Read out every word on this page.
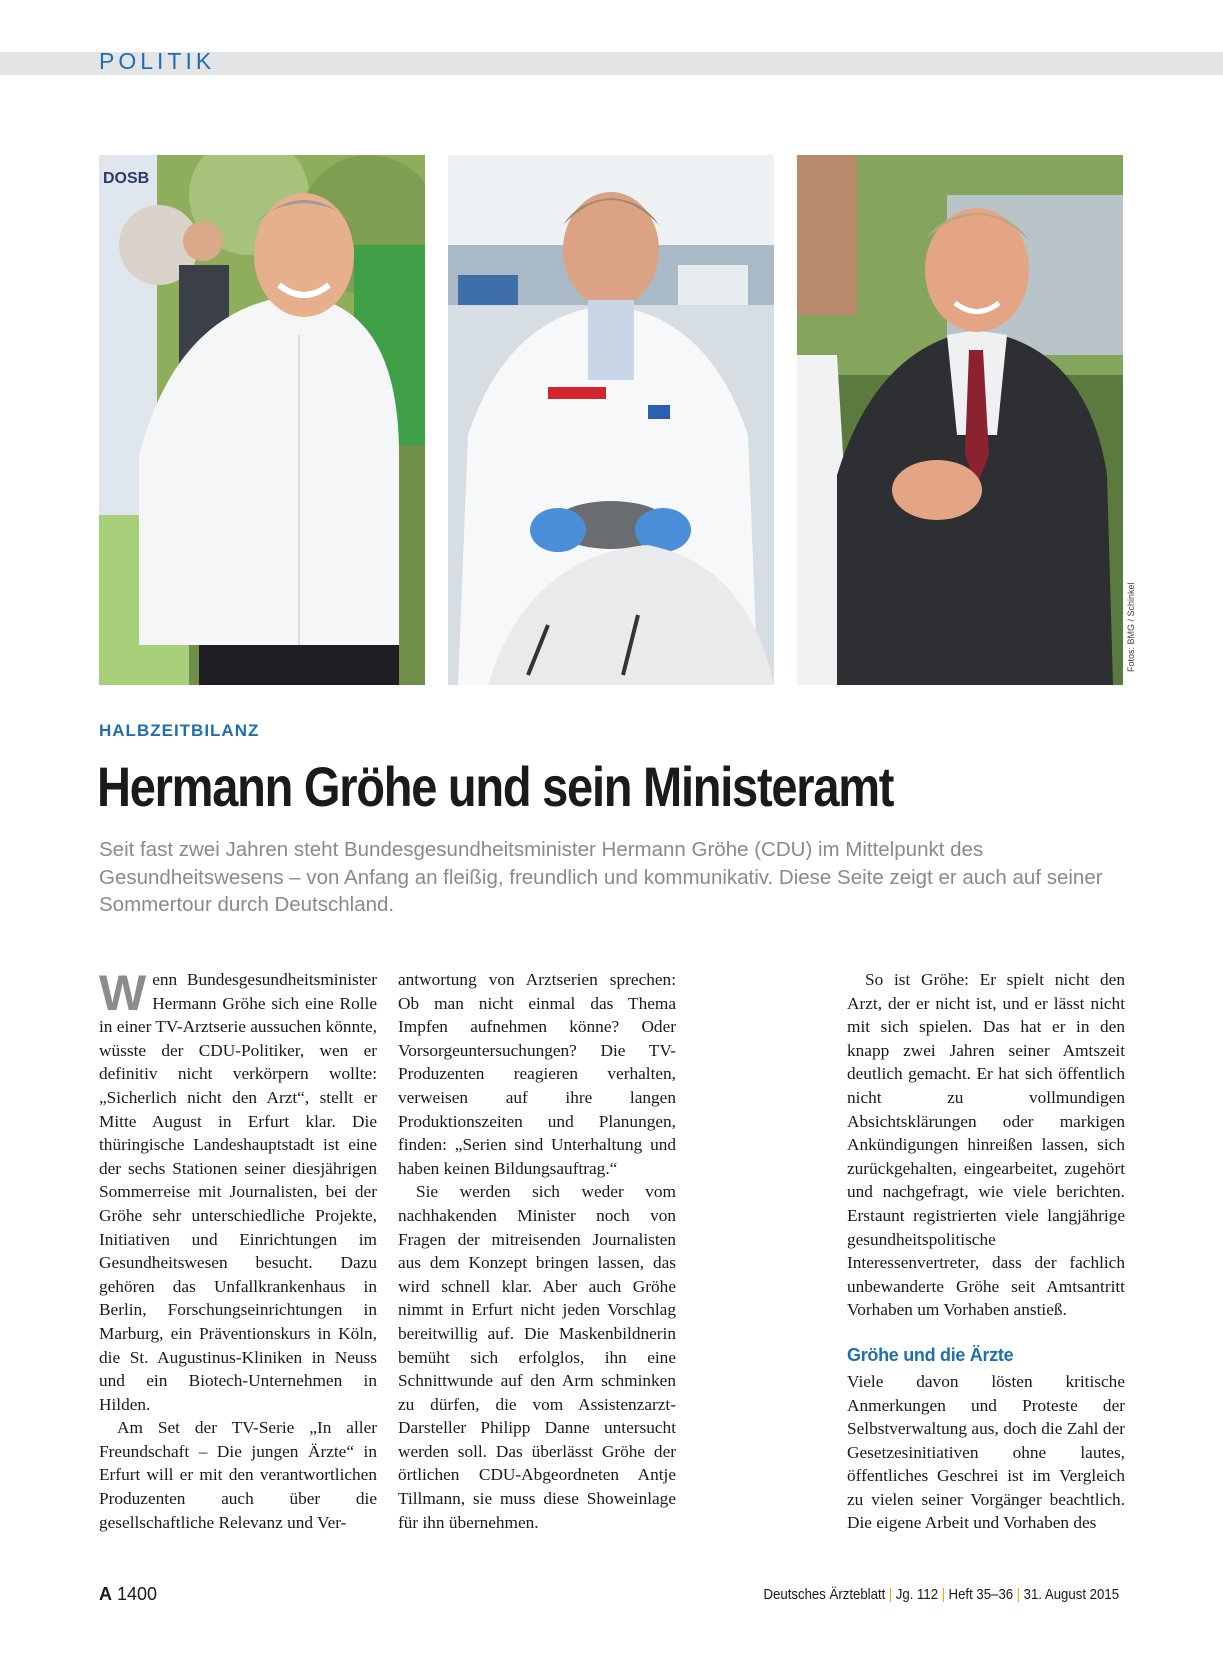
POLITIK
DOSB
Fotos: BMG / Schinkel
HALBZEITBILANZ
Hermann Gröhe und sein Ministeramt
Seit fast zwei Jahren steht Bundesgesundheitsminister Hermann Gröhe (CDU) im Mittelpunkt des Gesundheitswesens – von Anfang an fleißig, freundlich und kommunikativ. Diese Seite zeigt er auch auf seiner Sommertour durch Deutschland.

Wenn Bundesgesundheitsminister Hermann Gröhe sich eine Rolle in einer TV-Arztserie aussuchen könnte, wüsste der CDU-Politiker, wen er definitiv nicht verkörpern wollte: „Sicherlich nicht den Arzt“, stellt er Mitte August in Erfurt klar. Die thüringische Landeshauptstadt ist eine der sechs Stationen seiner diesjährigen Sommerreise mit Journalisten, bei der Gröhe sehr unterschiedliche Projekte, Initiativen und Einrichtungen im Gesundheitswesen besucht. Dazu gehören das Unfallkrankenhaus in Berlin, Forschungseinrichtungen in Marburg, ein Präventionskurs in Köln, die St. Augustinus-Kliniken in Neuss und ein Biotech-Unternehmen in Hilden.

Am Set der TV-Serie „In aller Freundschaft – Die jungen Ärzte“ in Erfurt will er mit den verantwortlichen Produzenten auch über die gesellschaftliche Relevanz und Ver-

antwortung von Arztserien sprechen: Ob man nicht einmal das Thema Impfen aufnehmen könne? Oder Vorsorgeuntersuchungen? Die TV-Produzenten reagieren verhalten, verweisen auf ihre langen Produktionszeiten und Planungen, finden: „Serien sind Unterhaltung und haben keinen Bildungsauftrag.“

Sie werden sich weder vom nachhakenden Minister noch von Fragen der mitreisenden Journalisten aus dem Konzept bringen lassen, das wird schnell klar. Aber auch Gröhe nimmt in Erfurt nicht jeden Vorschlag bereitwillig auf. Die Maskenbildnerin bemüht sich erfolglos, ihn eine Schnittwunde auf den Arm schminken zu dürfen, die vom Assistenzarzt-Darsteller Philipp Danne untersucht werden soll. Das überlässt Gröhe der örtlichen CDU-Abgeordneten Antje Tillmann, sie muss diese Showeinlage für ihn übernehmen.

So ist Gröhe: Er spielt nicht den Arzt, der er nicht ist, und er lässt nicht mit sich spielen. Das hat er in den knapp zwei Jahren seiner Amtszeit deutlich gemacht. Er hat sich öffentlich nicht zu vollmundigen Absichtsklärungen oder markigen Ankündigungen hinreißen lassen, sich zurückgehalten, eingearbeitet, zugehört und nachgefragt, wie viele berichten. Erstaunt registrierten viele langjährige gesundheitspolitische Interessenvertreter, dass der fachlich unbewanderte Gröhe seit Amtsantritt Vorhaben um Vorhaben anstieß.

Gröhe und die Ärzte

Viele davon lösten kritische Anmerkungen und Proteste der Selbstverwaltung aus, doch die Zahl der Gesetzesinitiativen ohne lautes, öffentliches Geschrei ist im Vergleich zu vielen seiner Vorgänger beachtlich. Die eigene Arbeit und Vorhaben des

A 1400	Deutsches Ärzteblatt | Jg. 112 | Heft 35–36 | 31. August 2015
